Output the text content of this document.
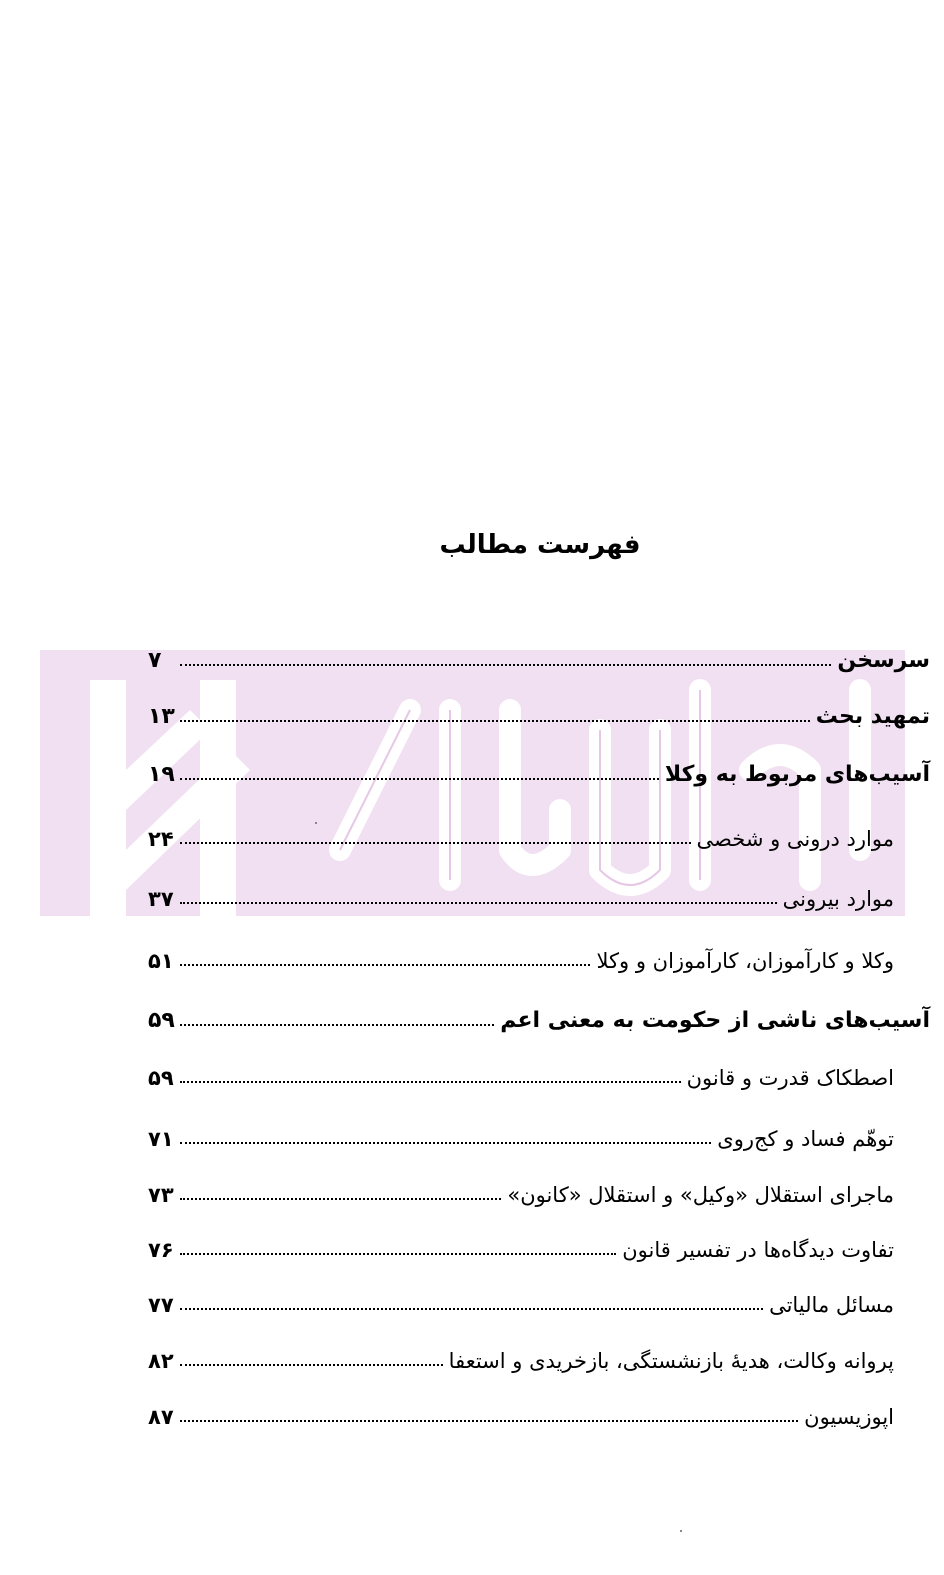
فهرست مطالب
سرسخن
۷
تمهید بحث
۱۳
آسیب‌های مربوط به وکلا
۱۹
موارد درونی و شخصی
۲۴
موارد بیرونی
۳۷
وکلا و کارآموزان، کارآموزان و وکلا
۵۱
آسیب‌های ناشی از حکومت به معنی اعم
۵۹
اصطکاک قدرت و قانون
۵۹
توهّم فساد و کج‌روی
۷۱
ماجرای استقلال «وکیل» و استقلال «کانون»
۷۳
تفاوت دیدگاه‌ها در تفسیر قانون
۷۶
مسائل مالیاتی
۷۷
پروانه وکالت، هدیۀ بازنشستگی، بازخریدی و استعفا
۸۲
اپوزیسیون
۸۷
